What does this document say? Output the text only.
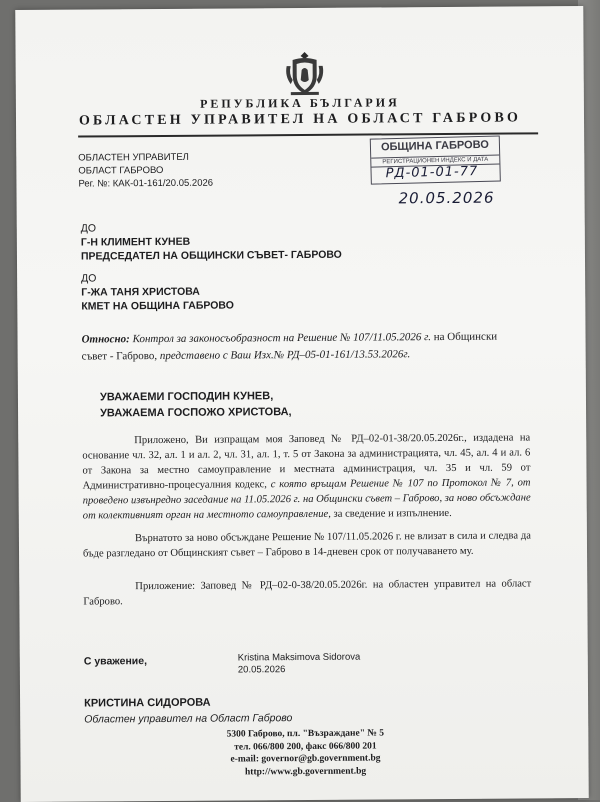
РЕПУБЛИКА БЪЛГАРИЯ
ОБЛАСТЕН УПРАВИТЕЛ НА ОБЛАСТ ГАБРОВО
ОБЛАСТЕН УПРАВИТЕЛ
ОБЛАСТ ГАБРОВО
Рег. №: КАК-01-161/20.05.2026
ОБЩИНА ГАБРОВО
РЕГИСТРАЦИОНЕН ИНДЕКС И ДАТА
РД-01-01-77
20.05.2026
ДО
Г-Н КЛИМЕНТ КУНЕВ
ПРЕДСЕДАТЕЛ НА ОБЩИНСКИ СЪВЕТ- ГАБРОВО
ДО
Г-ЖА ТАНЯ ХРИСТОВА
КМЕТ НА ОБЩИНА ГАБРОВО
Относно: Контрол за законосъобразност на Решение № 107/11.05.2026 г. на Общински съвет - Габрово, представено с Ваш Изх.№ РД–05-01-161/13.53.2026г.
УВАЖАЕМИ ГОСПОДИН КУНЕВ,
УВАЖАЕМА ГОСПОЖО ХРИСТОВА,
Приложено, Ви изпращам моя Заповед № РД–02-01-38/20.05.2026г., издадена на основание чл. 32, ал. 1 и ал. 2, чл. 31, ал. 1, т. 5 от Закона за администрацията, чл. 45, ал. 4 и ал. 6 от Закона за местно самоуправление и местната администрация, чл. 35 и чл. 59 от Административно-процесуалния кодекс, с която връщам Решение № 107 по Протокол № 7, от проведено извънредно заседание на 11.05.2026 г. на Общински съвет – Габрово, за ново обсъждане от колективният орган на местното самоуправление, за сведение и изпълнение.
Върнатото за ново обсъждане Решение № 107/11.05.2026 г. не влизат в сила и следва да бъде разгледано от Общинският съвет – Габрово в 14-дневен срок от получаването му.
Приложение: Заповед № РД–02-0-38/20.05.2026г. на областен управител на област Габрово.
С уважение,	Kristina Maksimova Sidorova
20.05.2026
КРИСТИНА СИДОРОВА
Областен управител на Област Габрово
5300 Габрово, пл. "Възраждане" № 5
тел. 066/800 200, факс 066/800 201
e-mail: governor@gb.government.bg
http://www.gb.government.bg
